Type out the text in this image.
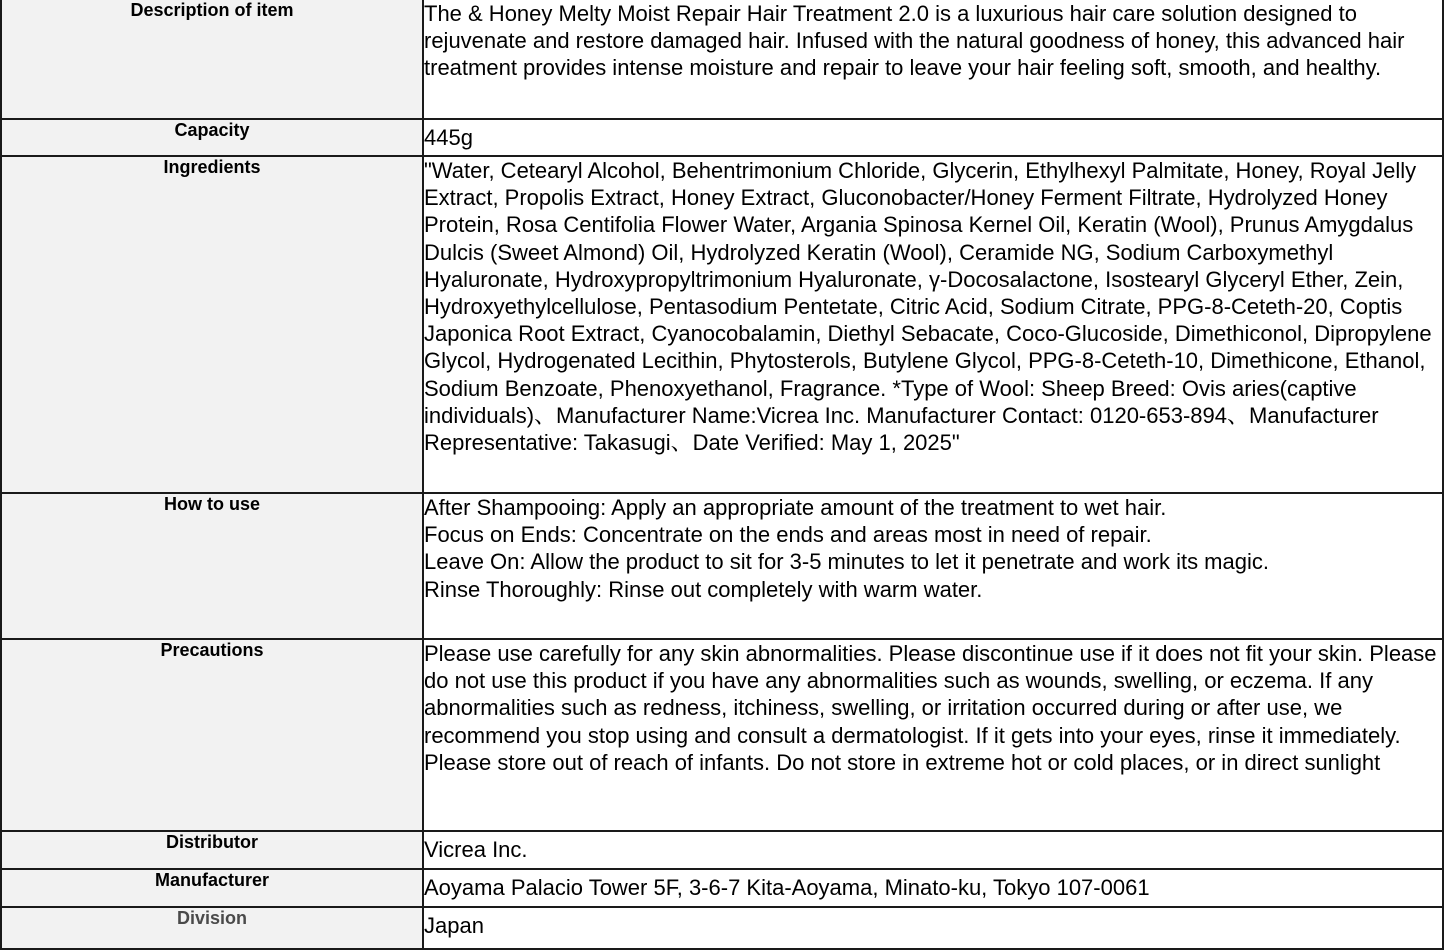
Description of item	The & Honey Melty Moist Repair Hair Treatment 2.0 is a luxurious hair care solution designed to rejuvenate and restore damaged hair. Infused with the natural goodness of honey, this advanced hair treatment provides intense moisture and repair to leave your hair feeling soft, smooth, and healthy.
Capacity	445g
Ingredients	"Water, Cetearyl Alcohol, Behentrimonium Chloride, Glycerin, Ethylhexyl Palmitate, Honey, Royal Jelly Extract, Propolis Extract, Honey Extract, Gluconobacter/Honey Ferment Filtrate, Hydrolyzed Honey Protein, Rosa Centifolia Flower Water, Argania Spinosa Kernel Oil, Keratin (Wool), Prunus Amygdalus Dulcis (Sweet Almond) Oil, Hydrolyzed Keratin (Wool), Ceramide NG, Sodium Carboxymethyl Hyaluronate, Hydroxypropyltrimonium Hyaluronate, γ-Docosalactone, Isostearyl Glyceryl Ether, Zein, Hydroxyethylcellulose, Pentasodium Pentetate, Citric Acid, Sodium Citrate, PPG-8-Ceteth-20, Coptis Japonica Root Extract, Cyanocobalamin, Diethyl Sebacate, Coco-Glucoside, Dimethiconol, Dipropylene Glycol, Hydrogenated Lecithin, Phytosterols, Butylene Glycol, PPG-8-Ceteth-10, Dimethicone, Ethanol, Sodium Benzoate, Phenoxyethanol, Fragrance. *Type of Wool: Sheep Breed: Ovis aries(captive individuals)、Manufacturer Name:Vicrea Inc. Manufacturer Contact: 0120-653-894、Manufacturer Representative: Takasugi、Date Verified: May 1, 2025"
How to use	After Shampooing: Apply an appropriate amount of the treatment to wet hair.
Focus on Ends: Concentrate on the ends and areas most in need of repair.
Leave On: Allow the product to sit for 3-5 minutes to let it penetrate and work its magic.
Rinse Thoroughly: Rinse out completely with warm water.

Precautions	Please use carefully for any skin abnormalities. Please discontinue use if it does not fit your skin. Please do not use this product if you have any abnormalities such as wounds, swelling, or eczema. If any abnormalities such as redness, itchiness, swelling, or irritation occurred during or after use, we recommend you stop using and consult a dermatologist. If it gets into your eyes, rinse it immediately. Please store out of reach of infants. Do not store in extreme hot or cold places, or in direct sunlight
Distributor	Vicrea Inc.
Manufacturer	Aoyama Palacio Tower 5F, 3-6-7 Kita-Aoyama, Minato-ku, Tokyo 107-0061
Division	Japan
